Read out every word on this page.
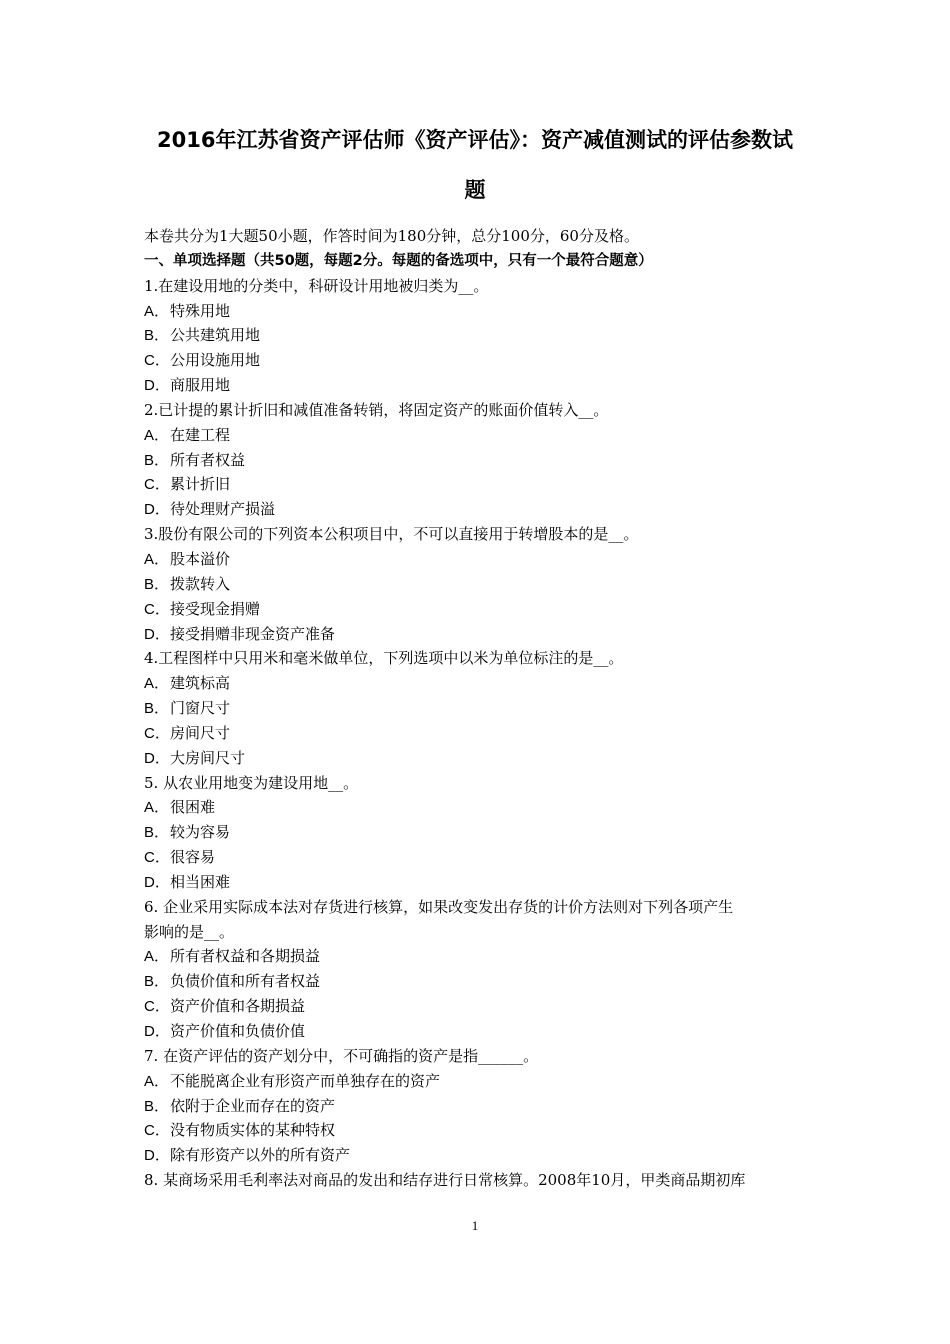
2016年江苏省资产评估师《资产评估》：资产减值测试的评估参数试
题
本卷共分为1大题50小题，作答时间为180分钟，总分100分，60分及格。
一、单项选择题（共50题，每题2分。每题的备选项中，只有一个最符合题意）
1.在建设用地的分类中，科研设计用地被归类为__。
A． 特殊用地
B． 公共建筑用地
C． 公用设施用地
D． 商服用地
2.已计提的累计折旧和减值准备转销，将固定资产的账面价值转入__。
A． 在建工程
B． 所有者权益
C． 累计折旧
D． 待处理财产损溢
3.股份有限公司的下列资本公积项目中，不可以直接用于转增股本的是__。
A． 股本溢价
B． 拨款转入
C． 接受现金捐赠
D． 接受捐赠非现金资产准备
4.工程图样中只用米和毫米做单位，下列选项中以米为单位标注的是__。
A． 建筑标高
B． 门窗尺寸
C． 房间尺寸
D． 大房间尺寸
5. 从农业用地变为建设用地__。
A． 很困难
B． 较为容易
C． 很容易
D． 相当困难
6. 企业采用实际成本法对存货进行核算，如果改变发出存货的计价方法则对下列各项产生
影响的是__。
A． 所有者权益和各期损益
B． 负债价值和所有者权益
C． 资产价值和各期损益
D． 资产价值和负债价值
7. 在资产评估的资产划分中，不可确指的资产是指______。
A． 不能脱离企业有形资产而单独存在的资产
B． 依附于企业而存在的资产
C． 没有物质实体的某种特权
D． 除有形资产以外的所有资产
8. 某商场采用毛利率法对商品的发出和结存进行日常核算。2008年10月，甲类商品期初库
1
